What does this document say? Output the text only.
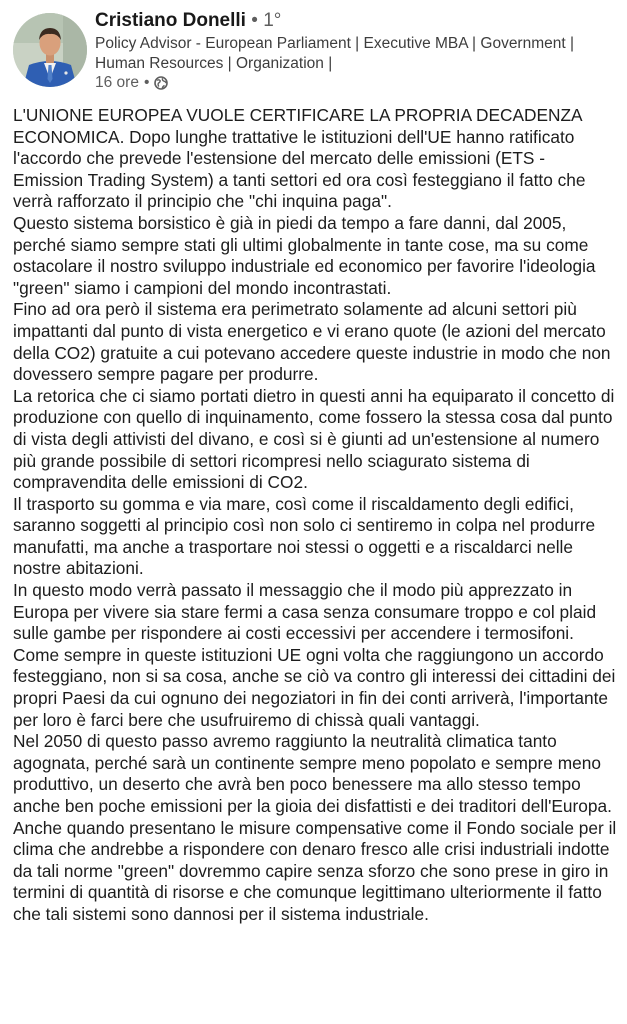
Cristiano Donelli • 1°
Policy Advisor - European Parliament | Executive MBA | Government | Human Resources | Organization |
16 ore •

L'UNIONE EUROPEA VUOLE CERTIFICARE LA PROPRIA DECADENZA ECONOMICA. Dopo lunghe trattative le istituzioni dell'UE hanno ratificato l'accordo che prevede l'estensione del mercato delle emissioni (ETS - Emission Trading System) a tanti settori ed ora così festeggiano il fatto che verrà rafforzato il principio che "chi inquina paga".

Questo sistema borsistico è già in piedi da tempo a fare danni, dal 2005, perché siamo sempre stati gli ultimi globalmente in tante cose, ma su come ostacolare il nostro sviluppo industriale ed economico per favorire l'ideologia "green" siamo i campioni del mondo incontrastati.

Fino ad ora però il sistema era perimetrato solamente ad alcuni settori più impattanti dal punto di vista energetico e vi erano quote (le azioni del mercato della CO2) gratuite a cui potevano accedere queste industrie in modo che non dovessero sempre pagare per produrre.

La retorica che ci siamo portati dietro in questi anni ha equiparato il concetto di produzione con quello di inquinamento, come fossero la stessa cosa dal punto di vista degli attivisti del divano, e così si è giunti ad un'estensione al numero più grande possibile di settori ricompresi nello sciagurato sistema di compravendita delle emissioni di CO2.

Il trasporto su gomma e via mare, così come il riscaldamento degli edifici, saranno soggetti al principio così non solo ci sentiremo in colpa nel produrre manufatti, ma anche a trasportare noi stessi o oggetti e a riscaldarci nelle nostre abitazioni.

In questo modo verrà passato il messaggio che il modo più apprezzato in Europa per vivere sia stare fermi a casa senza consumare troppo e col plaid sulle gambe per rispondere ai costi eccessivi per accendere i termosifoni.

Come sempre in queste istituzioni UE ogni volta che raggiungono un accordo festeggiano, non si sa cosa, anche se ciò va contro gli interessi dei cittadini dei propri Paesi da cui ognuno dei negoziatori in fin dei conti arriverà, l'importante per loro è farci bere che usufruiremo di chissà quali vantaggi.

Nel 2050 di questo passo avremo raggiunto la neutralità climatica tanto agognata, perché sarà un continente sempre meno popolato e sempre meno produttivo, un deserto che avrà ben poco benessere ma allo stesso tempo anche ben poche emissioni per la gioia dei disfattisti e dei traditori dell'Europa.

Anche quando presentano le misure compensative come il Fondo sociale per il clima che andrebbe a rispondere con denaro fresco alle crisi industriali indotte da tali norme "green" dovremmo capire senza sforzo che sono prese in giro in termini di quantità di risorse e che comunque legittimano ulteriormente il fatto che tali sistemi sono dannosi per il sistema industriale.
